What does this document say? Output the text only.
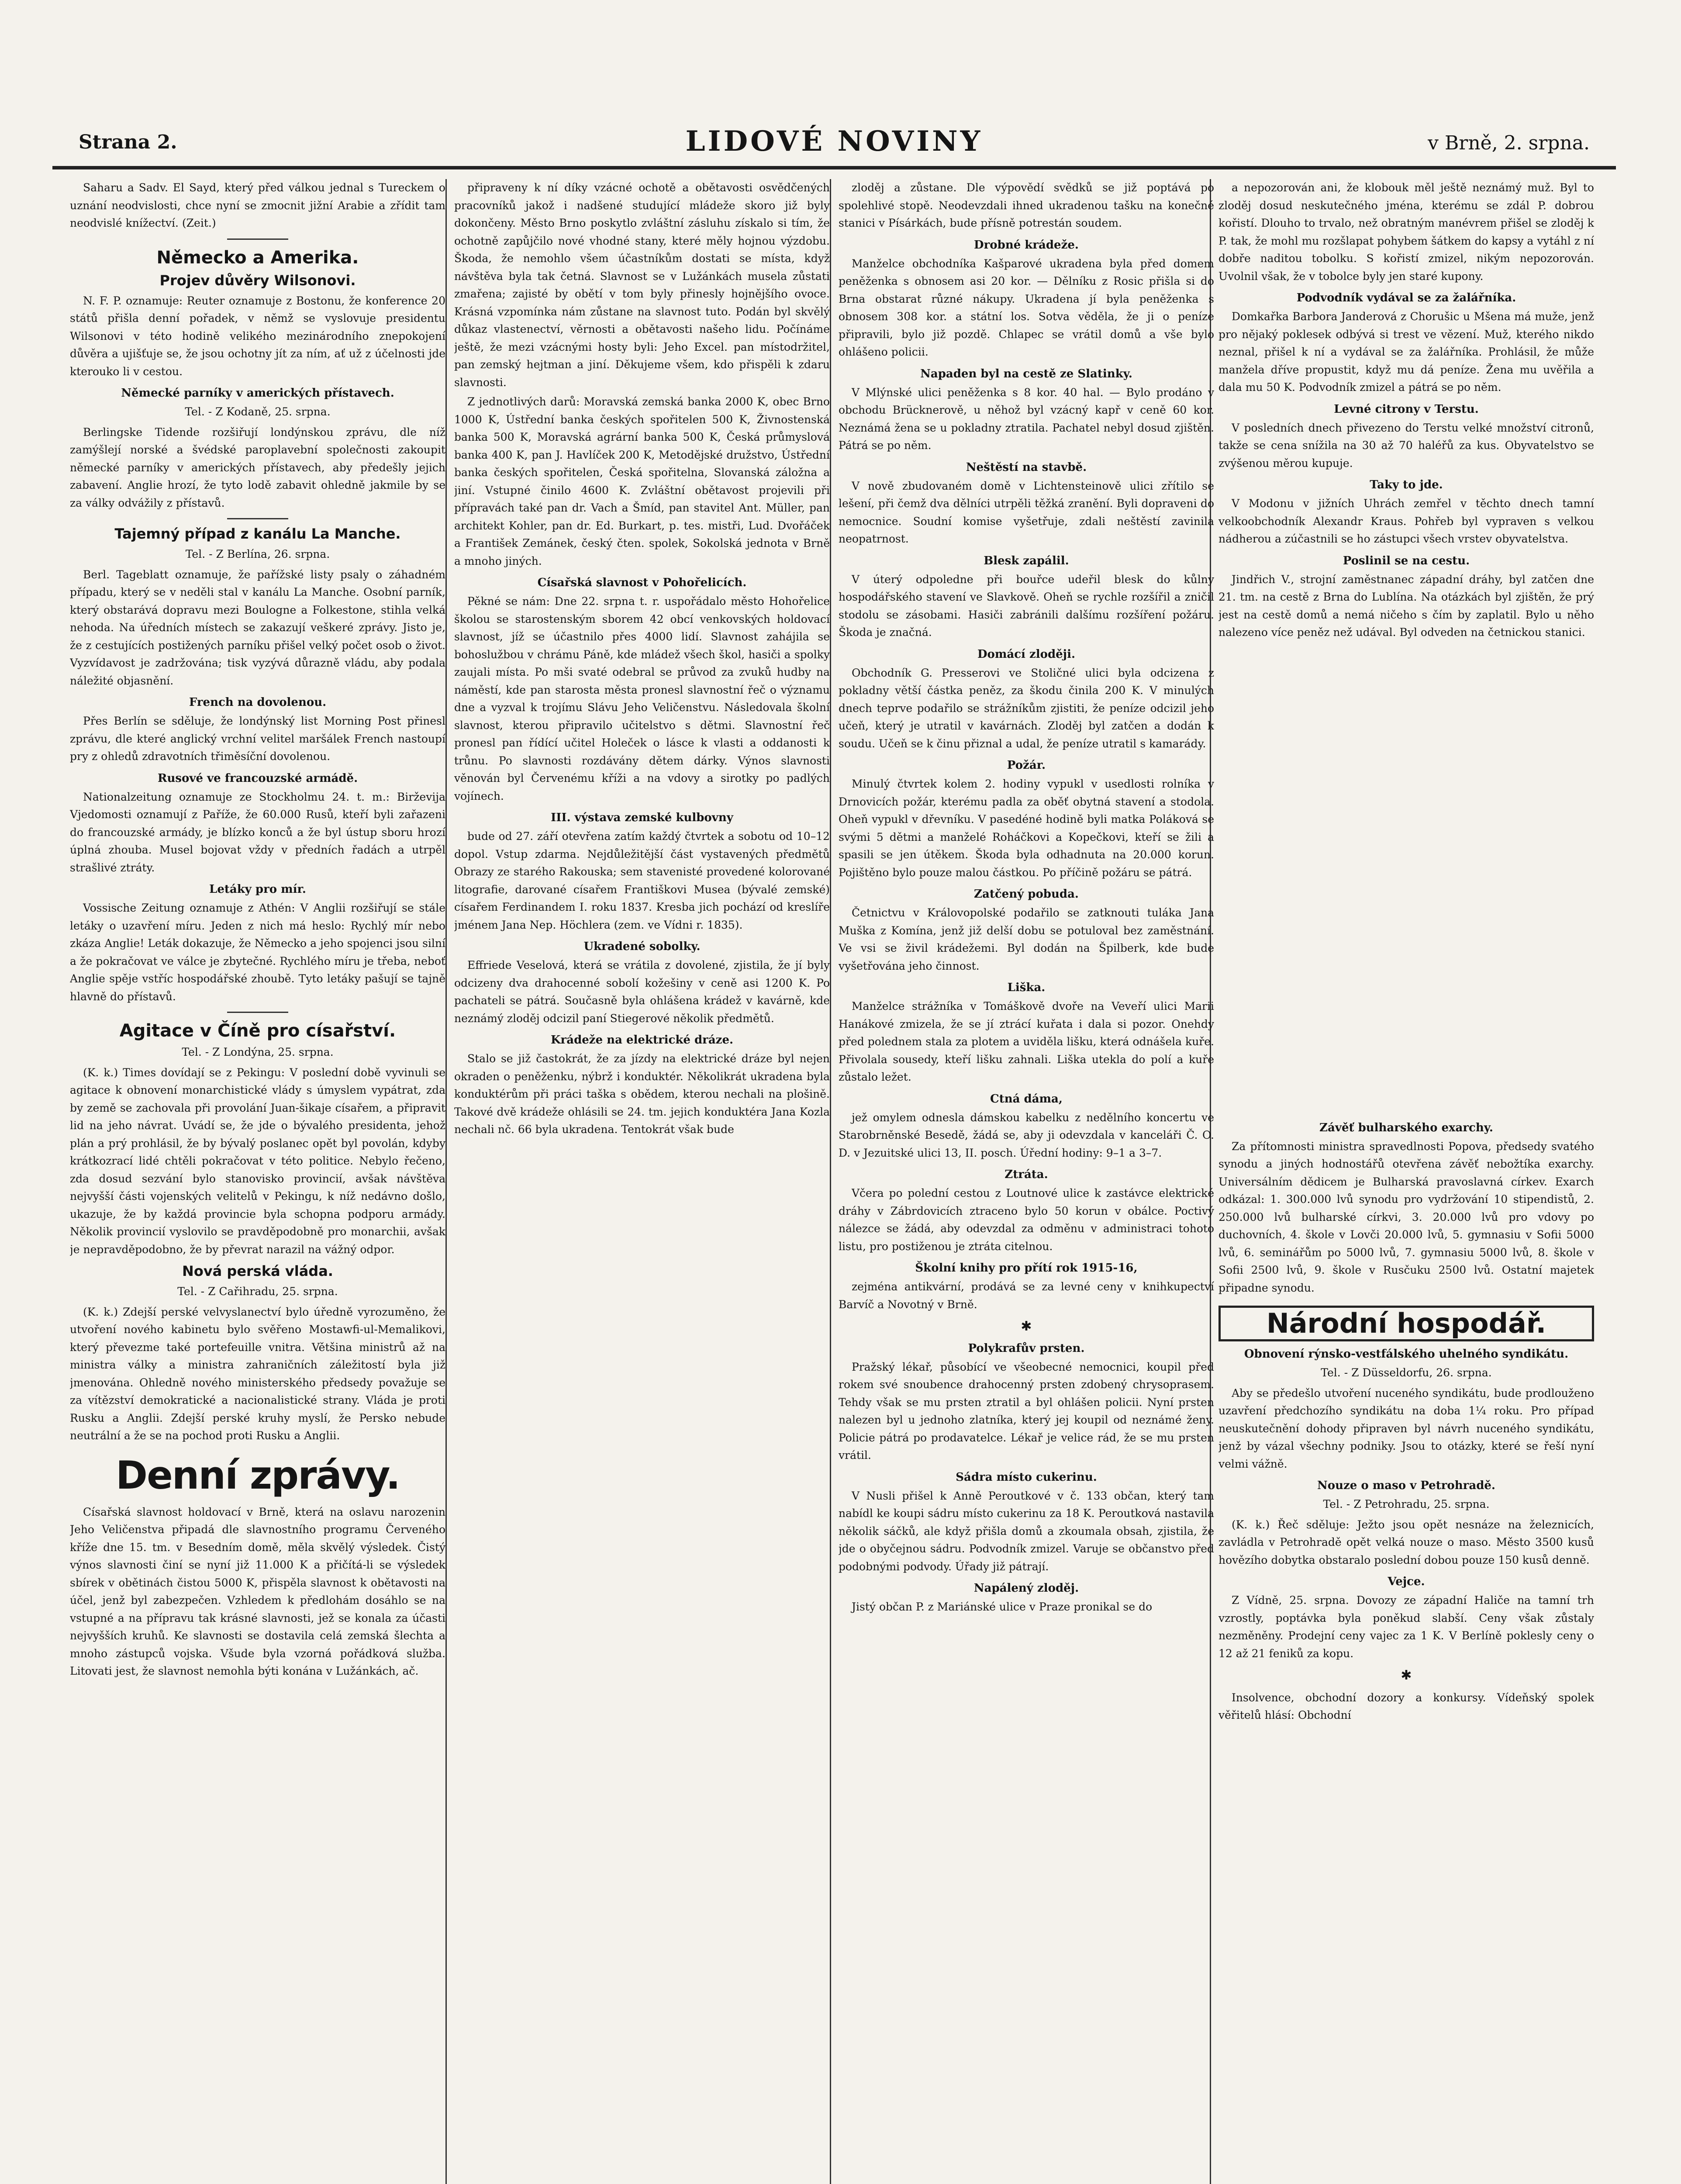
Strana 2.	LIDOVÉ NOVINY	v Brně, 2. srpna.

Saharu a Sadv. El Sayd, který před válkou jednal s Tureckem o uznání neodvislosti, chce nyní se zmocnit jižní Arabie a zřídit tam neodvislé knížectví. (Zeit.)

Německo a Amerika.
Projev důvěry Wilsonovi.

N. F. P. oznamuje: Reuter oznamuje z Bostonu, že konference 20 států přišla denní pořadek, v němž se vyslovuje presidentu Wilsonovi v této hodině velikého mezinárodního znepokojení důvěra a ujišťuje se, že jsou ochotny jít za ním, ať už z účelnosti jde kterouko li v cestou.

Německé parníky v amerických přístavech.
Tel. - Z Kodaně, 25. srpna.

Berlingske Tidende rozšiřují londýnskou zprávu, dle níž zamýšlejí norské a švédské paroplavební společnosti zakoupit německé parníky v amerických přístavech, aby předešly jejich zabavení. Anglie hrozí, že tyto lodě zabavit ohledně jakmile by se za války odvážily z přístavů.

Tajemný případ z kanálu La Manche.
Tel. - Z Berlína, 26. srpna.

Berl. Tageblatt oznamuje, že pařížské listy psaly o záhadném případu, který se v neděli stal v kanálu La Manche. Osobní parník, který obstarává dopravu mezi Boulogne a Folkestone, stihla velká nehoda. Na úředních místech se zakazují veškeré zprávy. Jisto je, že z cestujících postižených parníku přišel velký počet osob o život. Vyzvídavost je zadržována; tisk vyzývá důrazně vládu, aby podala náležité objasnění.

French na dovolenou.

Přes Berlín se sděluje, že londýnský list Morning Post přinesl zprávu, dle které anglický vrchní velitel maršálek French nastoupí pry z ohledů zdravotních třiměsíční dovolenou.

Rusové ve francouzské armádě.

Nationalzeitung oznamuje ze Stockholmu 24. t. m.: Birževija Vjedomosti oznamují z Paříže, že 60.000 Rusů, kteří byli zařazeni do francouzské armády, je blízko konců a že byl ústup sboru hrozí úplná zhouba. Musel bojovat vždy v předních řadách a utrpěl strašlivé ztráty.

Letáky pro mír.

Vossische Zeitung oznamuje z Athén: V Anglii rozšiřují se stále letáky o uzavření míru. Jeden z nich má heslo: Rychlý mír nebo zkáza Anglie! Leták dokazuje, že Německo a jeho spojenci jsou silní a že pokračovat ve válce je zbytečné. Rychlého míru je třeba, neboť Anglie spěje vstříc hospodářské zhoubě. Tyto letáky pašují se tajně hlavně do přístavů.

Agitace v Číně pro císařství.
Tel. - Z Londýna, 25. srpna.

(K. k.) Times dovídají se z Pekingu: V poslední době vyvinuli se agitace k obnovení monarchistické vlády s úmyslem vypátrat, zda by země se zachovala při provolání Juan-šikaje císařem, a připravit lid na jeho návrat. Uvádí se, že jde o bývalého presidenta, jehož plán a prý prohlásil, že by bývalý poslanec opět byl povolán, kdyby krátkozrací lidé chtěli pokračovat v této politice. Nebylo řečeno, zda dosud sezvání bylo stanovisko provincií, avšak návštěva nejvyšší části vojenských velitelů v Pekingu, k níž nedávno došlo, ukazuje, že by každá provincie byla schopna podporu armády. Několik provincií vyslovilo se pravděpodobně pro monarchii, avšak je nepravděpodobno, že by převrat narazil na vážný odpor.

Nová perská vláda.
Tel. - Z Cařihradu, 25. srpna.

(K. k.) Zdejší perské velvyslanectví bylo úředně vyrozuměno, že utvoření nového kabinetu bylo svěřeno Mostawfi-ul-Memalikovi, který převezme také portefeuille vnitra. Většina ministrů až na ministra války a ministra zahraničních záležitostí byla již jmenována. Ohledně nového ministerského předsedy považuje se za vítězství demokratické a nacionalistické strany. Vláda je proti Rusku a Anglii. Zdejší perské kruhy myslí, že Persko nebude neutrální a že se na pochod proti Rusku a Anglii.

Denní zprávy.

Císařská slavnost holdovací v Brně, která na oslavu narozenin Jeho Veličenstva připadá dle slavnostního programu Červeného kříže dne 15. tm. v Besedním domě, měla skvělý výsledek. Čistý výnos slavnosti činí se nyní již 11.000 K a přičítá-li se výsledek sbírek v obětinách čistou 5000 K, přispěla slavnost k obětavosti na účel, jenž byl zabezpečen. Vzhledem k předlohám dosáhlo se na vstupné a na přípravu tak krásné slavnosti, jež se konala za účasti nejvyšších kruhů. Ke slavnosti se dostavila celá zemská šlechta a mnoho zástupců vojska. Všude byla vzorná pořádková služba. Litovati jest, že slavnost nemohla býti konána v Lužánkách, ač.

připraveny k ní díky vzácné ochotě a obětavosti osvědčených pracovníků jakož i nadšené studující mládeže skoro již byly dokončeny. Město Brno poskytlo zvláštní zásluhu získalo si tím, že ochotně zapůjčilo nové vhodné stany, které měly hojnou výzdobu. Škoda, že nemohlo všem účastníkům dostati se místa, když návštěva byla tak četná. Slavnost se v Lužánkách musela zůstati zmařena; zajisté by obětí v tom byly přinesly hojnějšího ovoce. Krásná vzpomínka nám zůstane na slavnost tuto. Podán byl skvělý důkaz vlastenectví, věrnosti a obětavosti našeho lidu. Počínáme ještě, že mezi vzácnými hosty byli: Jeho Excel. pan místodržitel, pan zemský hejtman a jiní. Děkujeme všem, kdo přispěli k zdaru slavnosti.

Z jednotlivých darů: Moravská zemská banka 2000 K, obec Brno 1000 K, Ústřední banka českých spořitelen 500 K, Živnostenská banka 500 K, Moravská agrární banka 500 K, Česká průmyslová banka 400 K, pan J. Havlíček 200 K, Metodějské družstvo, Ústřední banka českých spořitelen, Česká spořitelna, Slovanská záložna a jiní. Vstupné činilo 4600 K. Zvláštní obětavost projevili při přípravách také pan dr. Vach a Šmíd, pan stavitel Ant. Müller, pan architekt Kohler, pan dr. Ed. Burkart, p. tes. mistři, Lud. Dvořáček a František Zemánek, český čten. spolek, Sokolská jednota v Brně a mnoho jiných.

Císařská slavnost v Pohořelicích.

Pěkné se nám: Dne 22. srpna t. r. uspořádalo město Hohořelice školou se starostenským sborem 42 obcí venkovských holdovací slavnost, jíž se účastnilo přes 4000 lidí. Slavnost zahájila se bohoslužbou v chrámu Páně, kde mládež všech škol, hasiči a spolky zaujali místa. Po mši svaté odebral se průvod za zvuků hudby na náměstí, kde pan starosta města pronesl slavnostní řeč o významu dne a vyzval k trojímu Slávu Jeho Veličenstvu. Následovala školní slavnost, kterou připravilo učitelstvo s dětmi. Slavnostní řeč pronesl pan řídící učitel Holeček o lásce k vlasti a oddanosti k trůnu. Po slavnosti rozdávány dětem dárky. Výnos slavnosti věnován byl Červenému kříži a na vdovy a sirotky po padlých vojínech.

III. výstava zemské kulbovny

bude od 27. září otevřena zatím každý čtvrtek a sobotu od 10–12 dopol. Vstup zdarma. Nejdůležitější část vystavených předmětů Obrazy ze starého Rakouska; sem stavenisté provedené kolorované litografie, darované císařem Františkovi Musea (bývalé zemské) císařem Ferdinandem I. roku 1837. Kresba jich pochází od kreslíře jménem Jana Nep. Höchlera (zem. ve Vídni r. 1835).

Ukradené sobolky.

Effriede Veselová, která se vrátila z dovolené, zjistila, že jí byly odcizeny dva drahocenné sobolí kožešiny v ceně asi 1200 K. Po pachateli se pátrá. Současně byla ohlášena krádež v kavárně, kde neznámý zloděj odcizil paní Stiegerové několik předmětů.

Krádeže na elektrické dráze.

Stalo se již častokrát, že za jízdy na elektrické dráze byl nejen okraden o peněženku, nýbrž i konduktér. Několikrát ukradena byla konduktérům při práci taška s obědem, kterou nechali na plošině. Takové dvě krádeže ohlásili se 24. tm. jejich konduktéra Jana Kozla nechali nč. 66 byla ukradena. Tentokrát však bude

zloděj a zůstane. Dle výpovědí svědků se již poptává po spolehlivé stopě. Neodevzdali ihned ukradenou tašku na konečné stanici v Písárkách, bude přísně potrestán soudem.

Drobné krádeže.

Manželce obchodníka Kašparové ukradena byla před domem peněženka s obnosem asi 20 kor. — Dělníku z Rosic přišla si do Brna obstarat různé nákupy. Ukradena jí byla peněženka s obnosem 308 kor. a státní los. Sotva věděla, že ji o peníze připravili, bylo již pozdě. Chlapec se vrátil domů a vše bylo ohlášeno policii.

Napaden byl na cestě ze Slatinky.

V Mlýnské ulici peněženka s 8 kor. 40 hal. — Bylo prodáno v obchodu Brücknerově, u něhož byl vzácný kapř v ceně 60 kor. Neznámá žena se u pokladny ztratila. Pachatel nebyl dosud zjištěn. Pátrá se po něm.

Neštěstí na stavbě.

V nově zbudovaném domě v Lichtensteinově ulici zřítilo se lešení, při čemž dva dělníci utrpěli těžká zranění. Byli dopraveni do nemocnice. Soudní komise vyšetřuje, zdali neštěstí zavinila neopatrnost.

Blesk zapálil.

V úterý odpoledne při bouřce udeřil blesk do kůlny hospodářského stavení ve Slavkově. Oheň se rychle rozšířil a zničil stodolu se zásobami. Hasiči zabránili dalšímu rozšíření požáru. Škoda je značná.

Domácí zloději.

Obchodník G. Presserovi ve Stoličné ulici byla odcizena z pokladny větší částka peněz, za škodu činila 200 K. V minulých dnech teprve podařilo se strážníkům zjistiti, že peníze odcizil jeho učeň, který je utratil v kavárnách. Zloděj byl zatčen a dodán k soudu. Učeň se k činu přiznal a udal, že peníze utratil s kamarády.

Požár.

Minulý čtvrtek kolem 2. hodiny vypukl v usedlosti rolníka v Drnovicích požár, kterému padla za oběť obytná stavení a stodola. Oheň vypukl v dřevníku. V pasedéné hodině byli matka Poláková se svými 5 dětmi a manželé Roháčkovi a Kopečkovi, kteří se žili a spasili se jen útěkem. Škoda byla odhadnuta na 20.000 korun. Pojištěno bylo pouze malou částkou. Po příčině požáru se pátrá.

Zatčený pobuda.

Četnictvu v Královopolské podařilo se zatknouti tuláka Jana Muška z Komína, jenž již delší dobu se potuloval bez zaměstnání. Ve vsi se živil krádežemi. Byl dodán na Špilberk, kde bude vyšetřována jeho činnost.

Liška.

Manželce strážníka v Tomáškově dvoře na Veveří ulici Marii Hanákové zmizela, že se jí ztrácí kuřata i dala si pozor. Onehdy před polednem stala za plotem a uviděla lišku, která odnášela kuře. Přivolala sousedy, kteří lišku zahnali. Liška utekla do polí a kuře zůstalo ležet.

Ctná dáma,

jež omylem odnesla dámskou kabelku z nedělního koncertu ve Starobrněnské Besedě, žádá se, aby ji odevzdala v kanceláři Č. O. D. v Jezuitské ulici 13, II. posch. Úřední hodiny: 9–1 a 3–7.

Ztráta.

Včera po polední cestou z Loutnové ulice k zastávce elektrické dráhy v Zábrdovicích ztraceno bylo 50 korun v obálce. Poctivý nálezce se žádá, aby odevzdal za odměnu v administraci tohoto listu, pro postiženou je ztráta citelnou.

Školní knihy pro přítí rok 1915-16,

zejména antikvární, prodává se za levné ceny v knihkupectví Barvíč a Novotný v Brně.

✱
Polykrafův prsten.

Pražský lékař, působící ve všeobecné nemocnici, koupil před rokem své snoubence drahocenný prsten zdobený chrysoprasem. Tehdy však se mu prsten ztratil a byl ohlášen policii. Nyní prsten nalezen byl u jednoho zlatníka, který jej koupil od neznámé ženy. Policie pátrá po prodavatelce. Lékař je velice rád, že se mu prsten vrátil.

Sádra místo cukerinu.

V Nusli přišel k Anně Peroutkové v č. 133 občan, který tam nabídl ke koupi sádru místo cukerinu za 18 K. Peroutková nastavila několik sáčků, ale když přišla domů a zkoumala obsah, zjistila, že jde o obyčejnou sádru. Podvodník zmizel. Varuje se občanstvo před podobnými podvody. Úřady již pátrají.

Napálený zloděj.

Jistý občan P. z Mariánské ulice v Praze pronikal se do

a nepozorován ani, že klobouk měl ještě neznámý muž. Byl to zloděj dosud neskutečného jména, kterému se zdál P. dobrou kořistí. Dlouho to trvalo, než obratným manévrem přišel se zloděj k P. tak, že mohl mu rozšlapat pohybem šátkem do kapsy a vytáhl z ní dobře naditou tobolku. S kořistí zmizel, nikým nepozorován. Uvolnil však, že v tobolce byly jen staré kupony.

Podvodník vydával se za žalářníka.

Domkařka Barbora Janderová z Chorušic u Mšena má muže, jenž pro nějaký poklesek odbývá si trest ve vězení. Muž, kterého nikdo neznal, přišel k ní a vydával se za žalářníka. Prohlásil, že může manžela dříve propustit, když mu dá peníze. Žena mu uvěřila a dala mu 50 K. Podvodník zmizel a pátrá se po něm.

Levné citrony v Terstu.

V posledních dnech přivezeno do Terstu velké množství citronů, takže se cena snížila na 30 až 70 haléřů za kus. Obyvatelstvo se zvýšenou měrou kupuje.

Taky to jde.

V Modonu v jižních Uhrách zemřel v těchto dnech tamní velkoobchodník Alexandr Kraus. Pohřeb byl vypraven s velkou nádherou a zúčastnili se ho zástupci všech vrstev obyvatelstva.

Poslinil se na cestu.

Jindřich V., strojní zaměstnanec západní dráhy, byl zatčen dne 21. tm. na cestě z Brna do Lublína. Na otázkách byl zjištěn, že prý jest na cestě domů a nemá ničeho s čím by zaplatil. Bylo u něho nalezeno více peněz než udával. Byl odveden na četnickou stanici.

Závěť bulharského exarchy.

Za přítomnosti ministra spravedlnosti Popova, předsedy svatého synodu a jiných hodnostářů otevřena závěť nebožtíka exarchy. Universálním dědicem je Bulharská pravoslavná církev. Exarch odkázal: 1. 300.000 lvů synodu pro vydržování 10 stipendistů, 2. 250.000 lvů bulharské církvi, 3. 20.000 lvů pro vdovy po duchovních, 4. škole v Lovči 20.000 lvů, 5. gymnasiu v Sofii 5000 lvů, 6. seminářům po 5000 lvů, 7. gymnasiu 5000 lvů, 8. škole v Sofii 2500 lvů, 9. škole v Rusčuku 2500 lvů. Ostatní majetek připadne synodu.

Národní hospodář.
Obnovení rýnsko-vestfálského uhelného syndikátu.
Tel. - Z Düsseldorfu, 26. srpna.

Aby se předešlo utvoření nuceného syndikátu, bude prodlouženo uzavření předchozího syndikátu na doba 1¼ roku. Pro případ neuskutečnění dohody připraven byl návrh nuceného syndikátu, jenž by vázal všechny podniky. Jsou to otázky, které se řeší nyní velmi vážně.

Nouze o maso v Petrohradě.
Tel. - Z Petrohradu, 25. srpna.

(K. k.) Řeč sděluje: Ježto jsou opět nesnáze na železnicích, zavládla v Petrohradě opět velká nouze o maso. Město 3500 kusů hovězího dobytka obstaralo poslední dobou pouze 150 kusů denně.

Vejce.

Z Vídně, 25. srpna. Dovozy ze západní Haliče na tamní trh vzrostly, poptávka byla poněkud slabší. Ceny však zůstaly nezměněny. Prodejní ceny vajec za 1 K. V Berlíně poklesly ceny o 12 až 21 feniků za kopu.

✱

Insolvence, obchodní dozory a konkursy. Vídeňský spolek věřitelů hlásí: Obchodní
